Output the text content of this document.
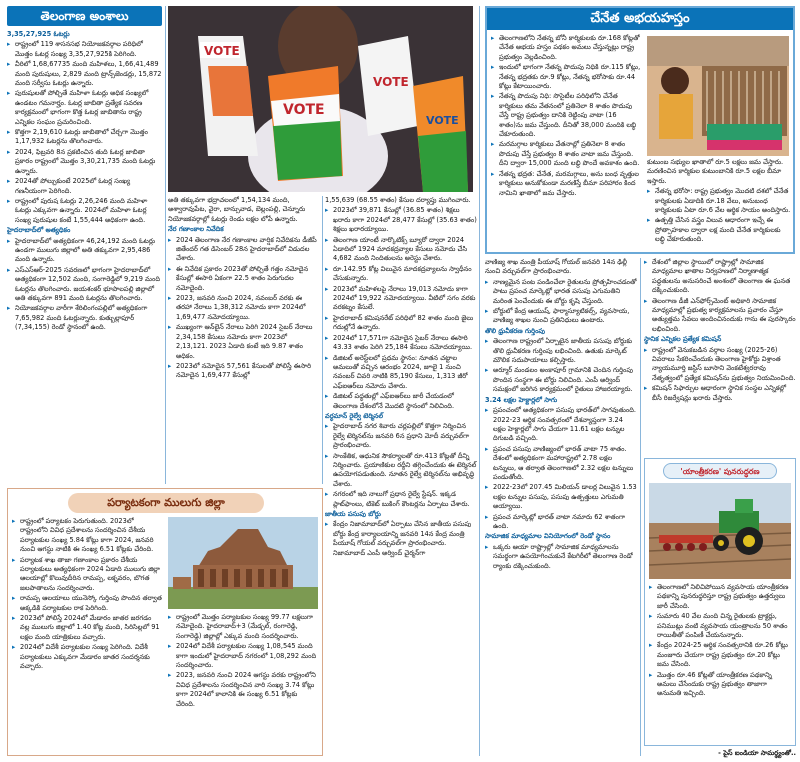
తెలంగాణ అంశాలు

3,35,27,925 ఓటర్లు

▸ రాష్ట్రంలో 119 శాసనసభ నియోజకవర్గాల పరిధిలో మొత్తం ఓటర్ల సంఖ్య 3,35,27,925కి పెరిగింది.

▸ వీరిలో 1,68,67735 మంది మహిళలు, 1,66,41,489 మంది పురుషులు, 2,829 మంది ట్రాన్స్‌జెండర్లు, 15,872 మంది సర్వీసు ఓటర్లు ఉన్నారు.

▸ పురుషులతో పోల్చితే మహిళా ఓటర్లు అధిక సంఖ్యలో ఉండటం గమనార్హం. ఓటర్ల జాబితా ప్రత్యేక సవరణ కార్యక్రమంలో భాగంగా కొత్త ఓటర్ల జాబితాను రాష్ట్ర ఎన్నికల సంఘం ప్రచురించింది.

▸ కొత్తగా 2,19,610 ఓటర్లు జాబితాలో చేర్చగా మొత్తం 1,17,932 ఓటర్లను తొలగించారు.

▸ 2024, ఫిబ్రవరి 8న ప్రకటించిన తుది ఓటర్ల జాబితా ప్రకారం రాష్ట్రంలో మొత్తం 3,30,21,735 మంది ఓటర్లు ఉన్నారు.

▸ 2024తో పోల్చుకుంటే 2025లో ఓటర్ల సంఖ్య గణనీయంగా పెరిగింది.

▸ రాష్ట్రంలో పురుష ఓటర్లు 2,26,246 మంది మహిళా ఓటర్లు ఎక్కువగా ఉన్నారు. 2024లో మహిళా ఓటర్ల సంఖ్య పురుషుల కంటే 1,55,444 అధికంగా ఉంది.

హైదరాబాద్‌లో అత్యధికం

▸ హైదరాబాద్‌లో అత్యధికంగా 46,24,192 మంది ఓటర్లు ఉండగా ములుగు జిల్లాలో అతి తక్కువగా 2,95,486 మంది ఉన్నారు.

▸ ఎస్‌ఎస్‌ఆర్-2025 సవరణలో భాగంగా హైదరాబాద్‌లో అత్యధికంగా 12,502 మంది, సంగారెడ్డిలో 9,219 మంది ఓటర్లను తొలగించారు. జయశంకర్ భూపాలపల్లి జిల్లాలో అతి తక్కువగా 891 మంది ఓటర్లను తొలగించారు.

▸ నియోజకవర్గాల వారీగా శేరిలింగంపల్లిలో అత్యధికంగా 7,65,982 మంది ఓటర్లున్నారు. కుత్బుల్లాపూర్ (7,34,155) రెండో స్థానంలో ఉంది.

VOTE
VOTE
VOTE
VOTE

అతి తక్కువగా భద్రాచలంలో 1,54,134 మంది, అశ్వారావుపేట, వైరా, బాన్సువాడ, బెల్లంపల్లి, చెన్నూరు నియోజకవర్గాల్లో ఓటర్లు రెండు లక్షల లోపే ఉన్నారు.

నేర గణాంకాల నివేదిక

▸ 2024 తెలంగాణ నేర గణాంకాల వార్షిక నివేదికను డీజీపీ జితేందర్ గత డిసెంబర్ 28న హైదరాబాద్‌లో విడుదల చేశారు.

▸ ఈ నివేదిక ప్రకారం 2023తో పోల్చితే గత్తం నమోదైన కేసుల్లో ఈసారి ఏకంగా 22.5 శాతం పెరుగుదల నమోదైంది.

▸ 2023, జనవరి నుంచి 2024, నవంబర్ వరకు ఈ తరహా నేరాలు 1,38,312 నమోదు కాగా 2024లో 1,69,477 నమోదయ్యాయి.

▸ ముఖ్యంగా ఆన్‌లైన్ నేరాలు పెరిగి 2024 సైబర్ నేరాలు 2,34,158 కేసులు నమోదు కాగా 2023లో 2,13,121. 2023 ఏడాది కంటే ఇది 9.87 శాతం అధికం.

▸ 2023లో నమోదైన 57,561 కేసులతో పోలిస్తే ఈసారి నమోదైన 1,69,477 కేసుల్లో

1,55,639 (68.55 శాతం) కేసుల దర్యాప్తు ముగించారు.

▸ 2023లో 39,871 కేసుల్లో (36.85 శాతం) శిక్షలు ఖరారు కాగా 2024లో 28,477 కేసుల్లో (35.63 శాతం) శిక్షలు ఖరారయ్యాయి.

▸ తెలంగాణ యాంటీ నార్కొటిక్స్ బ్యూరో ద్వారా 2024 ఏడాదిలో 1924 మాదకద్రవ్యాల కేసులు నమోదు చేసి 4,682 మంది నిందితులను అరెస్టు చేశారు.

▸ రూ.142.95 కోట్ల విలువైన మాదకద్రవ్యాలను స్వాధీనం చేసుకున్నారు.

▸ 2023లో మహిళలపై నేరాలు 19,013 నమోదు కాగా 2024లో 19,922 నమోదయ్యాయి. వీటిలో సగం వరకు వరకట్నం కేసులే.

▸ హైదరాబాద్ కమిషనరేట్ పరిధిలో 82 శాతం మంది జైలు గదుల్లోనే ఉన్నారు.

▸ 2024లో 17,571గా నమోదైన సైబర్ నేరాలు ఈసారి 43.33 శాతం పెరిగి 25,184 కేసులు నమోదయ్యాయి.

▸ డిజిటల్ అరెస్ట్‌లలో ప్రధమ స్థానం: నూతన చట్టాల అమలుతో వచ్చిన ఆరంభం 2024, జూలై 1 నుంచి నవంబర్ చివరి నాటికి 85,190 కేసులు, 1,313 జీరో ఎఫ్ఐఆర్‌లు నమోదు చేశారు.

▸ డిజిటల్ పద్ధతుల్లో ఎఫ్ఐఆర్‌లు జారీ చేయడంలో తెలంగాణ దేశంలోనే మొదటి స్థానంలో నిలిచింది.

వర్ధమాన్ రైల్వే టెర్మినల్

▸ హైదరాబాద్ నగర శివారు చర్లపల్లిలో కొత్తగా నిర్మించిన రైల్వే టెర్మినల్‌ను జనవరి 6న ప్రధాని మోదీ వర్చువల్‌గా ప్రారంభించారు.

▸ సాంకేతిక, ఆధునిక సౌకర్యాలతో రూ.413 కోట్లతో దీన్ని నిర్మించారు. ప్రయాణికుల రద్దీని తగ్గించేందుకు ఈ టెర్మినల్ ఉపయోగపడుతుంది. నూతన రైల్వే టెర్మినల్‌ను అభివృద్ధి చేశారు.

▸ నగరంలో ఇది నాలుగో ప్రధాన రైల్వే స్టేషన్. ఇక్కడ ప్లాట్‌ఫాంలు, టికెట్ బుకింగ్ కౌంటర్లను ఏర్పాటు చేశారు.

జాతీయ పసుపు బోర్డు

▸ కేంద్రం నిజామాబాద్‌లో ఏర్పాటు చేసిన జాతీయ పసుపు బోర్డు కేంద్ర కార్యాలయాన్ని జనవరి 14న కేంద్ర మంత్రి పీయూష్ గోయల్ వర్చువల్‌గా ప్రారంభించారు. నిజామాబాద్ ఎంపీ అర్వింద్ చైర్మన్‌గా

చేనేత అభయహస్తం

▸ తెలంగాణలోని నేతన్న బోనీ కార్మికులకు రూ.168 కోట్లతో చేనేత అభయ హస్తం పథకం అమలు చేస్తున్నట్లు రాష్ట్ర ప్రభుత్వం వెల్లడించింది.

▸ ఇందులో భాగంగా నేతన్న పొదుపు నిధికి రూ.115 కోట్లు, నేతన్న భద్రతకు రూ.9 కోట్లు, నేతన్న భరోసాకు రూ.44 కోట్లు కేటాయించారు.

▸ నేతన్న పొదుపు నిధి: సొసైటీల పరిధిలోని చేనేత కార్మికులు తమ వేతనంలో ప్రతినెలా 8 శాతం పొదుపు చేస్తే రాష్ట్ర ప్రభుత్వం దానికి రెట్టింపు వాటా (16 శాతం)ను జమ చేస్తుంది. దీనితో 38,000 మందికి లబ్ధి చేకూరుతుంది.

▸ మరమగ్గాల కార్మికులు వేతనాల్లో ప్రతినెలా 8 శాతం పొదుపు చేస్తే ప్రభుత్వం 8 శాతం వాటా జమ చేస్తుంది. దీని ద్వారా 15,000 మంది లబ్ధి పొందే అవకాశం ఉంది.

▸ నేతన్న భద్రత: చేనేత, మరమగ్గాలు, అను బంధ వృత్తుల కార్మికులు అనుకోకుండా మరణిస్తే బీమా పరిహారం కింద నామిని ఖాతాలో జమ చేస్తారు.

కుటుంబ సభ్యుల ఖాతాలో రూ.5 లక్షలు జమ చేస్తారు. మరణించిన కార్మికుల కుటుంబానికి రూ.5 లక్షల బీమా ఇస్తారు.

▸ నేతన్న భరోసా: రాష్ట్ర ప్రభుత్వం మొదటి దశలో చేనేత కార్మికులకు ఏడాదికి రూ.18 వేలు, అనుబంధ కార్మికులకు ఏటా రూ.6 వేల ఆర్థిక సాయం అందిస్తారు.

▸ ఉత్పత్తి చేసిన వస్త్రం విలువ ఆధారంగా ఇచ్చే ఈ ప్రోత్సాహకాల ద్వారా లక్ష మంది చేనేత కార్మికులకు లబ్ధి చేకూరుతుంది.

వాణిజ్య శాఖ మంత్రి పీయూష్ గోయల్ జనవరి 14న ఢిల్లీ నుంచి వర్చువల్‌గా ప్రారంభించారు.

▸ నాణ్యమైన పంట పండించేలా రైతులను ప్రోత్సహించడంతో పాటు ప్రపంచ మార్కెట్లో భారత పసుపు ఎగుమతిని మరింత పెంచేందుకు ఈ బోర్డు కృషి చేస్తుంది.

▸ బోర్డులో కేంద్ర ఆయుష్, ఫార్మాస్యూటికల్స్, వ్యవసాయ, వాణిజ్య శాఖల నుంచి ప్రతినిధులు ఉంటారు.

తొలి ధ్రువీకరణ గుర్తింపు

▸ తెలంగాణ రాష్ట్రంలో ఏర్పాటైన జాతీయ పసుపు బోర్డుకు తొలి ధ్రువీకరణ గుర్తింపు లభించింది. ఉతుకు మార్కెట్ మౌలిక సదుపాయాలు కల్పిస్తారు.

▸ అర్మూర్ మండలం అంకాపూర్ గ్రామానికి చెందిన గుర్తింపు పొందిన సంస్థగా ఈ బోర్డు నిలిచింది. ఎంపీ అర్వింద్ సమక్షంలో జరిగిన కార్యక్రమంలో రైతులు హాజరయ్యారు.

3.24 లక్షల హెక్టార్లలో సాగు

▸ ప్రపంచంలో అత్యధికంగా పసుపు భారత్‌లో సాగవుతుంది. 2022-23 ఆర్థిక సంవత్సరంలో దేశవ్యాప్తంగా 3.24 లక్షల హెక్టార్లలో సాగు చేయగా 11.61 లక్షల టన్నుల దిగుబడి వచ్చింది.

▸ ప్రపంచ పసుపు వాణిజ్యంలో భారత్ వాటా 75 శాతం. దేశంలో అత్యధికంగా మహారాష్ట్రలో 2.78 లక్షల టన్నులు, ఆ తర్వాత తెలంగాణలో 2.32 లక్షల టన్నులు పండుతోంది.

▸ 2022-23లో 207.45 మిలియన్ డాలర్ల విలువైన 1.53 లక్షల టన్నుల పసుపు, పసుపు ఉత్పత్తులు ఎగుమతి అయ్యాయి.

▸ ప్రపంచ మార్కెట్లో భారత్ వాటా నమారు 62 శాతంగా ఉంది.

సామాజిక మాధ్యమాల వినియోగంలో రెండో స్థానం

▸ ఒక్కరు ఆయా రాష్ట్రాల్లో సామాజిక మాధ్యమాలను సమర్థంగా ఉపయోగించుకునే కేటగిరీలో తెలంగాణ రెండో ర్యాంకు దక్కించుకుంది.

▸ దేశంలో జిల్లాల స్థాయిలో రాష్ట్రాల్లో సామాజిక మాధ్యమాల ఖాతాల నిర్వహణలో నిర్మాణాత్మక పద్ధతులను అనుసరించే అంశంలో తెలంగాణ ఈ ఘనత దక్కించుకుంది.

▸ తెలంగాణ డీజీ ఎన్‌ఫోర్స్‌మెంట్ అధికారి సామాజిక మాధ్యమాల్లో ప్రభుత్వ కార్యక్రమాలను ప్రచారం చేస్తూ అత్యుత్తమ సేవలు అందించినందుకు గాను ఈ పురస్కారం లభించింది.

స్థానిక ఎన్నికల ప్రత్యేక కమిషన్

▸ రాష్ట్రంలో వెనుకబడిన వర్గాల సంఖ్య (2025-26) వివరాలు సేకరించేందుకు తెలంగాణ హైకోర్టు విశ్రాంత న్యాయమూర్తి జస్టిస్ బూసాని వెంకటేశ్వరరావు నేతృత్వంలో ప్రత్యేక కమిషన్‌ను ప్రభుత్వం నియమించింది.

▸ కమిషన్ సిఫార్సుల ఆధారంగా స్థానిక సంస్థల ఎన్నికల్లో బీసీ రిజర్వేషన్లు ఖరారు చేస్తారు.

'యాంత్రీకరణ' పునరుద్ధరణ

▸ తెలంగాణలో నిలిచిపోయిన వ్యవసాయ యాంత్రీకరణ పథకాన్ని పునరుద్ధరిస్తూ రాష్ట్ర ప్రభుత్వం ఉత్తర్వులు జారీ చేసింది.

▸ సుమారు 40 వేల మంది చిన్న రైతులకు ట్రాక్టర్లు, పనిముట్లు వంటి వ్యవసాయ యంత్రాలను 50 శాతం రాయితీతో పంపిణీ చేయనున్నారు.

▸ కేంద్రం 2024-25 ఆర్థిక సంవత్సరానికి రూ.26 కోట్లు మంజూరు చేయగా రాష్ట్ర ప్రభుత్వం రూ.20 కోట్లు జమ చేసింది.

▸ మొత్తం రూ.46 కోట్లతో యాంత్రీకరణ పథకాన్ని అమలు చేసేందుకు రాష్ట్ర ప్రభుత్వం తాజాగా అనుమతి ఇచ్చింది.

- పైస్ ఐండియా సామర్థ్యంతో..
పర్యాటకంగా ములుగు జిల్లా

▸ రాష్ట్రంలో పర్యాటకం పెరుగుతుంది. 2023లో రాష్ట్రంలోని వివిధ ప్రదేశాలను సందర్శించిన దేశీయ పర్యాటకుల సంఖ్య 5.84 కోట్లు కాగా 2024, జనవరి నుంచి ఆగస్టు నాటికి ఈ సంఖ్య 6.51 కోట్లకు చేరింది.

▸ పర్యాటక శాఖ తాజా గణాంకాల ప్రకారం దేశీయ పర్యాటకులు అత్యధికంగా 2024 ఏడాది ములుగు జిల్లా ఆలయాల్లో కొలువుదీరిన రామప్ప, లక్నవరం, బొగత జలపాతాలను సందర్శించారు.

▸ రామప్ప ఆలయాలు యునెస్కో గుర్తింపు పొందిన తర్వాత అక్కడికి పర్యాటకుల రాక పెరిగింది.

▸ 2023లో పోలిస్తే 2024లో మేడారం జాతర జరగడం వల్ల ములుగు జిల్లాలో 1.40 కోట్ల మంది, సిరిసిల్లలో 91 లక్షల మంది యాత్రికులు వచ్చారు.

▸ 2024లో విదేశీ పర్యాటకుల సంఖ్య పెరిగింది. విదేశీ పర్యాటకులు ఎక్కువగా మేడారం జాతర సందర్శనకు వచ్చారు.

▸ రాష్ట్రంలో మొత్తం పర్యాటకుల సంఖ్య 99.77 లక్షలుగా నమోదైంది. హైదరాబాద్+3 (మేడ్చల్, రంగారెడ్డి, సంగారెడ్డి) జిల్లాల్లో ఎక్కువ మంది సందర్శించారు.

▸ 2024లో విదేశీ పర్యాటకుల సంఖ్య 1,08,545 మంది కాగా ఇందులో హైదరాబాద్ నగరంలో 1,08,292 మంది సందర్శించారు.

▸ 2023, జనవరి నుంచి 2024 ఆగస్టు వరకు రాష్ట్రంలోని వివిధ ప్రదేశాలను సందర్శించిన వారి సంఖ్య 3.74 కోట్లు కాగా 2024లో కాలానికి ఈ సంఖ్య 6.51 కోట్లకు చేరింది.
